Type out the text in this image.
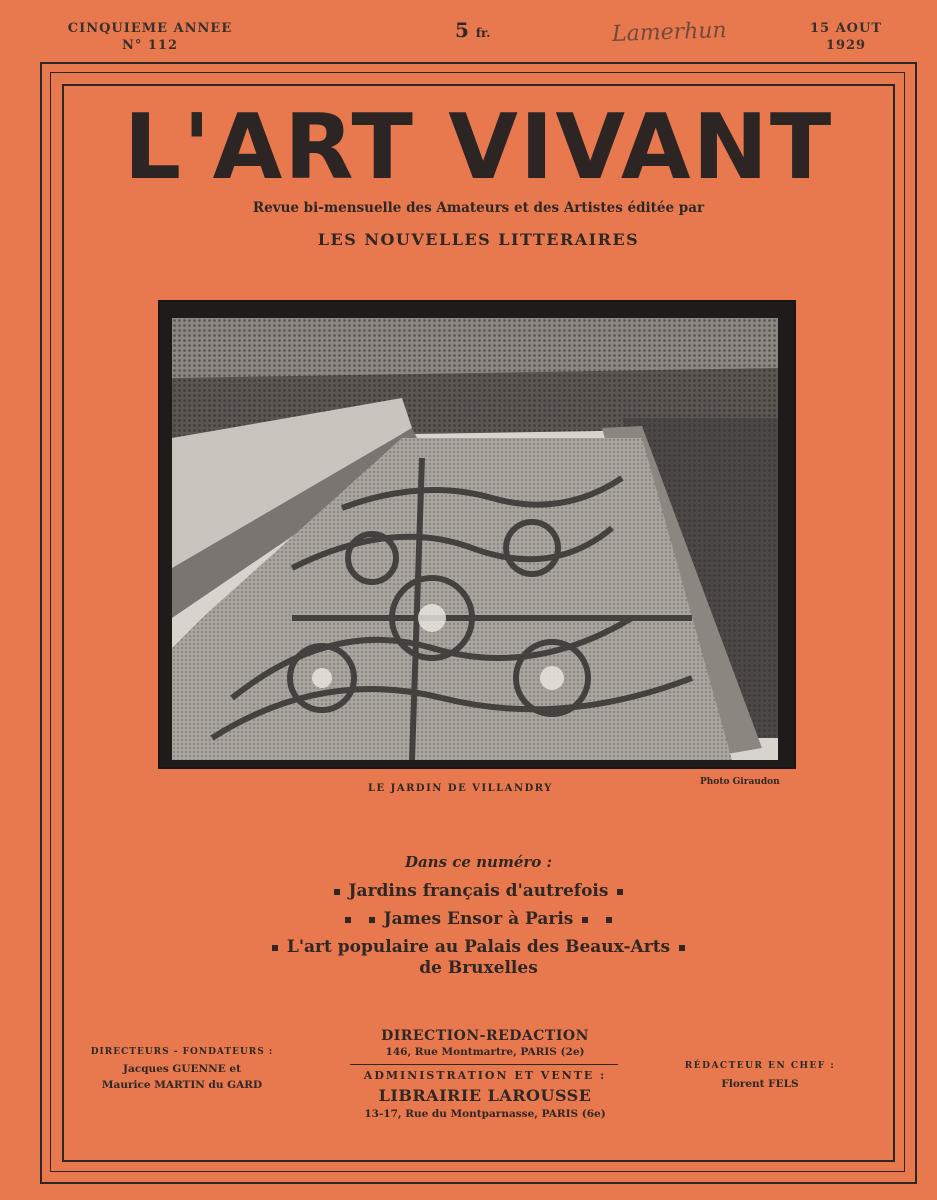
CINQUIEME ANNEE
N° 112
5 fr.	Lamerhun	15 AOUT
1929
L'ART VIVANT
Revue bi-mensuelle des Amateurs et des Artistes éditée par
LES NOUVELLES LITTERAIRES
LE JARDIN DE VILLANDRY
Photo Giraudon
Dans ce numéro :
Jardins français d'autrefois
James Ensor à Paris
L'art populaire au Palais des Beaux-Arts
de Bruxelles
DIRECTEURS - FONDATEURS :
Jacques GUENNE et
Maurice MARTIN du GARD
DIRECTION-REDACTION
146, Rue Montmartre, PARIS (2e)
ADMINISTRATION ET VENTE :
LIBRAIRIE LAROUSSE
13-17, Rue du Montparnasse, PARIS (6e)
RÉDACTEUR EN CHEF :
Florent FELS
